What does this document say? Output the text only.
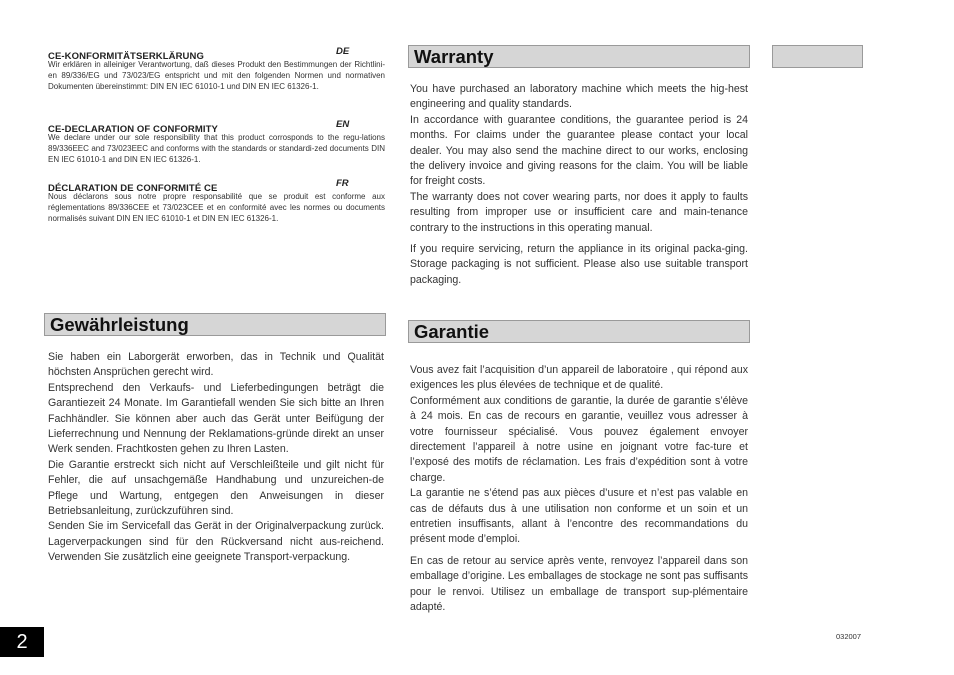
CE-KONFORMITÄTSERKLÄRUNG	DE
Wir erklären in alleiniger Verantwortung, daß dieses Produkt den Bestimmungen der Richtlini-en 89/336/EG und 73/023/EG entspricht und mit den folgenden Normen und normativen Dokumenten übereinstimmt: DIN EN IEC 61010-1 und DIN EN IEC 61326-1.
CE-DECLARATION OF CONFORMITY	EN
We declare under our sole responsibility that this product corrosponds to the regu-lations 89/336EEC and 73/023EEC and conforms with the standards or standardi-zed documents DIN EN IEC 61010-1 and DIN EN IEC 61326-1.
DÉCLARATION DE CONFORMITÉ CE	FR
Nous déclarons sous notre propre responsabilité que se produit est conforme aux réglementations 89/336CEE et 73/023CEE et en conformité avec les normes ou documents normalisés suivant DIN EN IEC 61010-1 et DIN EN IEC 61326-1.
Gewährleistung

Sie haben ein Laborgerät erworben, das in Technik und Qualität höchsten Ansprüchen gerecht wird.

Entsprechend den Verkaufs- und Lieferbedingungen beträgt die Garantiezeit 24 Monate. Im Garantiefall wenden Sie sich bitte an Ihren Fachhändler. Sie können aber auch das Gerät unter Beifügung der Lieferrechnung und Nennung der Reklamations-gründe direkt an unser Werk senden. Frachtkosten gehen zu Ihren Lasten.

Die Garantie erstreckt sich nicht auf Verschleißteile und gilt nicht für Fehler, die auf unsachgemäße Handhabung und unzureichen-de Pflege und Wartung, entgegen den Anweisungen in dieser Betriebsanleitung, zurückzuführen sind.

Senden Sie im Servicefall das Gerät in der Originalverpackung zurück. Lagerverpackungen sind für den Rückversand nicht aus-reichend. Verwenden Sie zusätzlich eine geeignete Transport-verpackung.

Warranty

You have purchased an laboratory machine which meets the hig-hest engineering and quality standards.

In accordance with guarantee conditions, the guarantee period is 24 months. For claims under the guarantee please contact your local dealer. You may also send the machine direct to our works, enclosing the delivery invoice and giving reasons for the claim. You will be liable for freight costs.

The warranty does not cover wearing parts, nor does it apply to faults resulting from improper use or insufficient care and main-tenance contrary to the instructions in this operating manual.

If you require servicing, return the appliance in its original packa-ging. Storage packaging is not sufficient. Please also use suitable transport packaging.

Garantie

Vous avez fait l’acquisition d’un appareil de laboratoire , qui répond aux exigences les plus élevées de technique et de qualité.

Conformément aux conditions de garantie, la durée de garantie s’élève à 24 mois. En cas de recours en garantie, veuillez vous adresser à votre fournisseur spécialisé. Vous pouvez également envoyer directement l’appareil à notre usine en joignant votre fac-ture et l’exposé des motifs de réclamation. Les frais d’expédition sont à votre charge.

La garantie ne s’étend pas aux pièces d’usure et n’est pas valable en cas de défauts dus à une utilisation non conforme et un soin et un entretien insuffisants, allant à l’encontre des recommandations du présent mode d’emploi.

En cas de retour au service après vente, renvoyez l’appareil dans son emballage d’origine. Les emballages de stockage ne sont pas suffisants pour le renvoi. Utilisez un emballage de transport sup-plémentaire adapté.

2	032007
